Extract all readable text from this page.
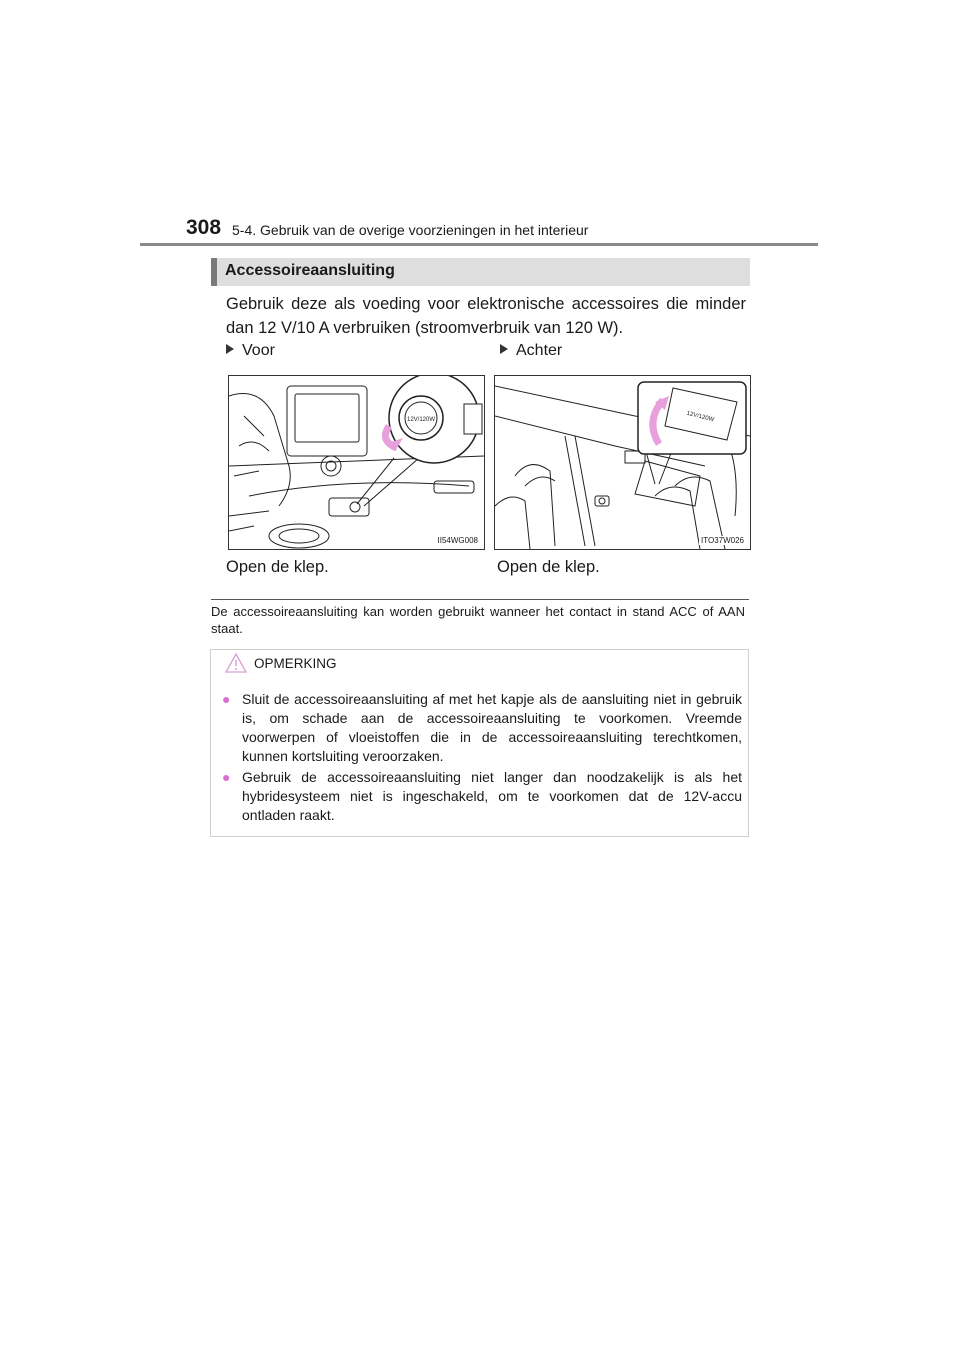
308 5-4. Gebruik van de overige voorzieningen in het interieur
Accessoireaansluiting
Gebruik deze als voeding voor elektronische accessoires die minder dan 12 V/10 A verbruiken (stroomverbruik van 120 W).
Voor	Achter
12V/120W
II54WG008
12V/120W
ITO37W026
Open de klep.	Open de klep.
De accessoireaansluiting kan worden gebruikt wanneer het contact in stand ACC of AAN staat.
OPMERKING
● Sluit de accessoireaansluiting af met het kapje als de aansluiting niet in gebruik is, om schade aan de accessoireaansluiting te voorkomen. Vreemde voorwerpen of vloeistoffen die in de accessoireaansluiting terechtkomen, kunnen kortsluiting veroorzaken.
● Gebruik de accessoireaansluiting niet langer dan noodzakelijk is als het hybridesysteem niet is ingeschakeld, om te voorkomen dat de 12V-accu ontladen raakt.
